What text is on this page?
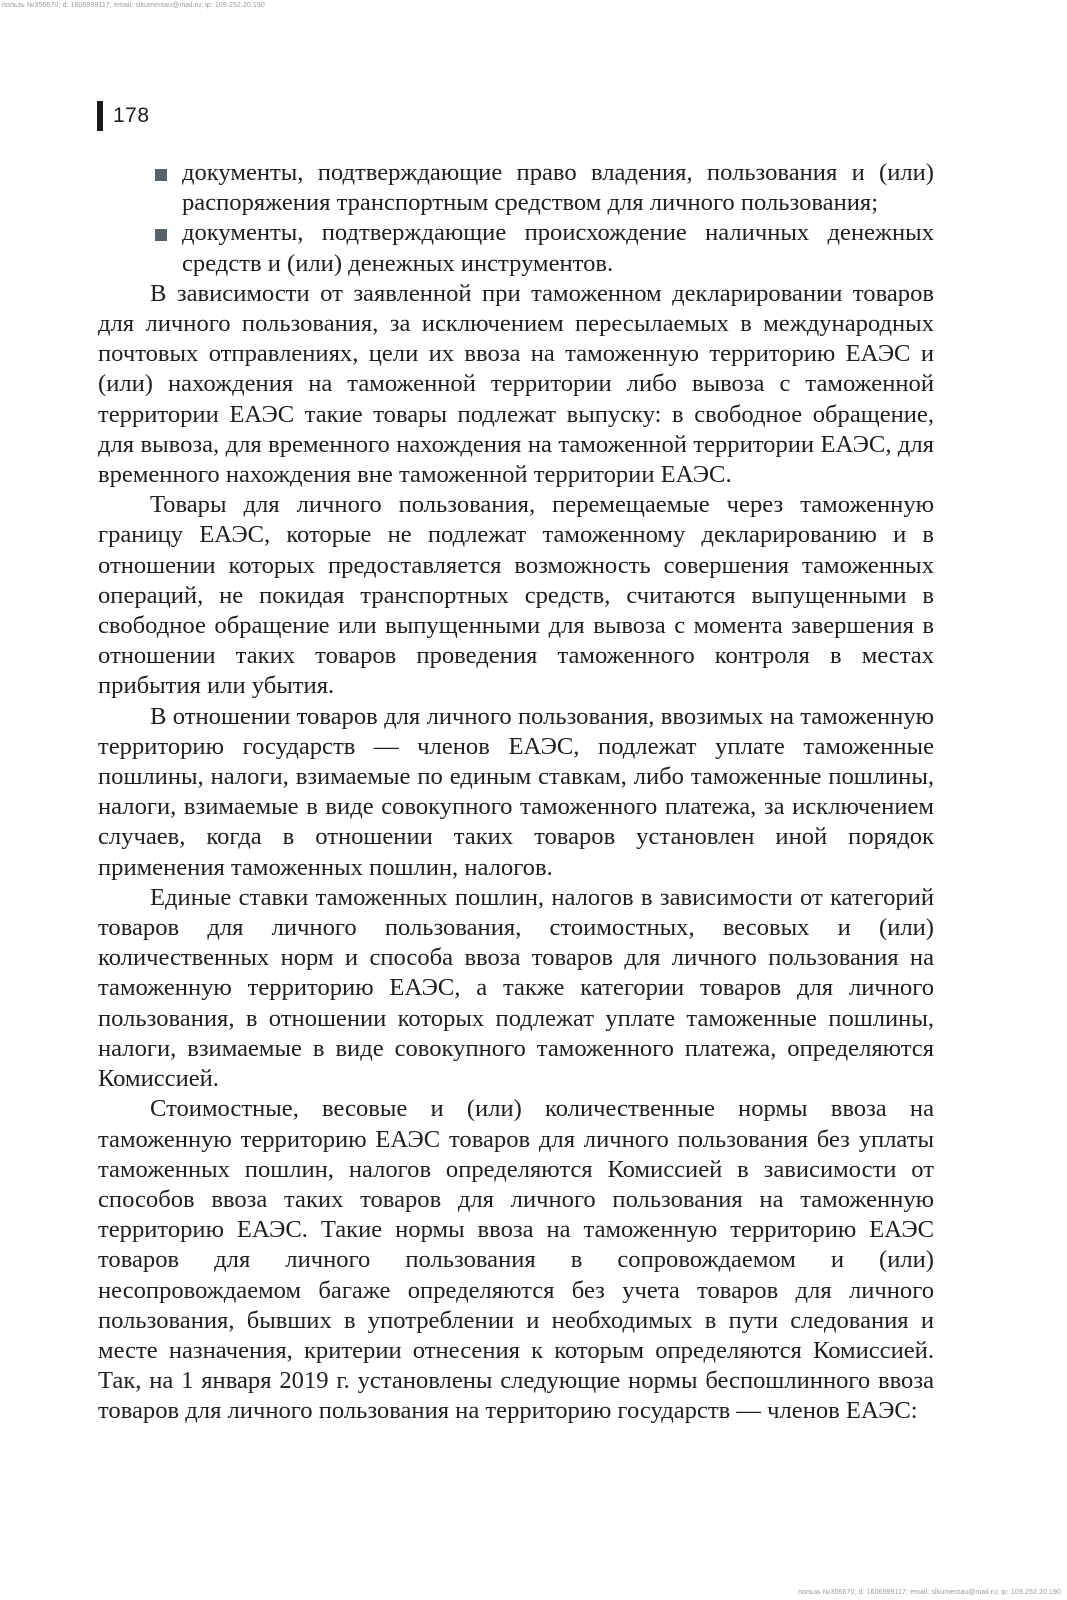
пользь №356670; d: 1606999117; email: slkumentau@mail.ru; ip: 109.252.20.190
178
документы, подтверждающие право владения, пользования и (или) распоряжения транспортным средством для личного пользования;
документы, подтверждающие происхождение наличных денежных средств и (или) денежных инструментов.

В зависимости от заявленной при таможенном декларировании товаров для личного пользования, за исключением пересылаемых в международных почтовых отправлениях, цели их ввоза на таможенную территорию ЕАЭС и (или) нахождения на таможенной территории либо вывоза с таможенной территории ЕАЭС такие товары подлежат выпуску: в свободное обращение, для вывоза, для временного нахождения на таможенной территории ЕАЭС, для временного нахождения вне таможенной территории ЕАЭС.

Товары для личного пользования, перемещаемые через таможенную границу ЕАЭС, которые не подлежат таможенному декларированию и в отношении которых предоставляется возможность совершения таможенных операций, не покидая транспортных средств, считаются выпущенными в свободное обращение или выпущенными для вывоза с момента завершения в отношении таких товаров проведения таможенного контроля в местах прибытия или убытия.

В отношении товаров для личного пользования, ввозимых на таможенную территорию государств — членов ЕАЭС, подлежат уплате таможенные пошлины, налоги, взимаемые по единым ставкам, либо таможенные пошлины, налоги, взимаемые в виде совокупного таможенного платежа, за исключением случаев, когда в отношении таких товаров установлен иной порядок применения таможенных пошлин, налогов.

Единые ставки таможенных пошлин, налогов в зависимости от категорий товаров для личного пользования, стоимостных, весовых и (или) количественных норм и способа ввоза товаров для личного пользования на таможенную территорию ЕАЭС, а также категории товаров для личного пользования, в отношении которых подлежат уплате таможенные пошлины, налоги, взимаемые в виде совокупного таможенного платежа, определяются Комиссией.

Стоимостные, весовые и (или) количественные нормы ввоза на таможенную территорию ЕАЭС товаров для личного пользования без уплаты таможенных пошлин, налогов определяются Комиссией в зависимости от способов ввоза таких товаров для личного пользования на таможенную территорию ЕАЭС. Такие нормы ввоза на таможенную территорию ЕАЭС товаров для личного пользования в сопровождаемом и (или) несопровождаемом багаже определяются без учета товаров для личного пользования, бывших в употреблении и необходимых в пути следования и месте назначения, критерии отнесения к которым определяются Комиссией. Так, на 1 января 2019 г. установлены следующие нормы беспошлинного ввоза товаров для личного пользования на территорию государств — членов ЕАЭС:

пользь №356670; d: 1606999117; email: slkumentau@mail.ru; ip: 109.252.20.190
